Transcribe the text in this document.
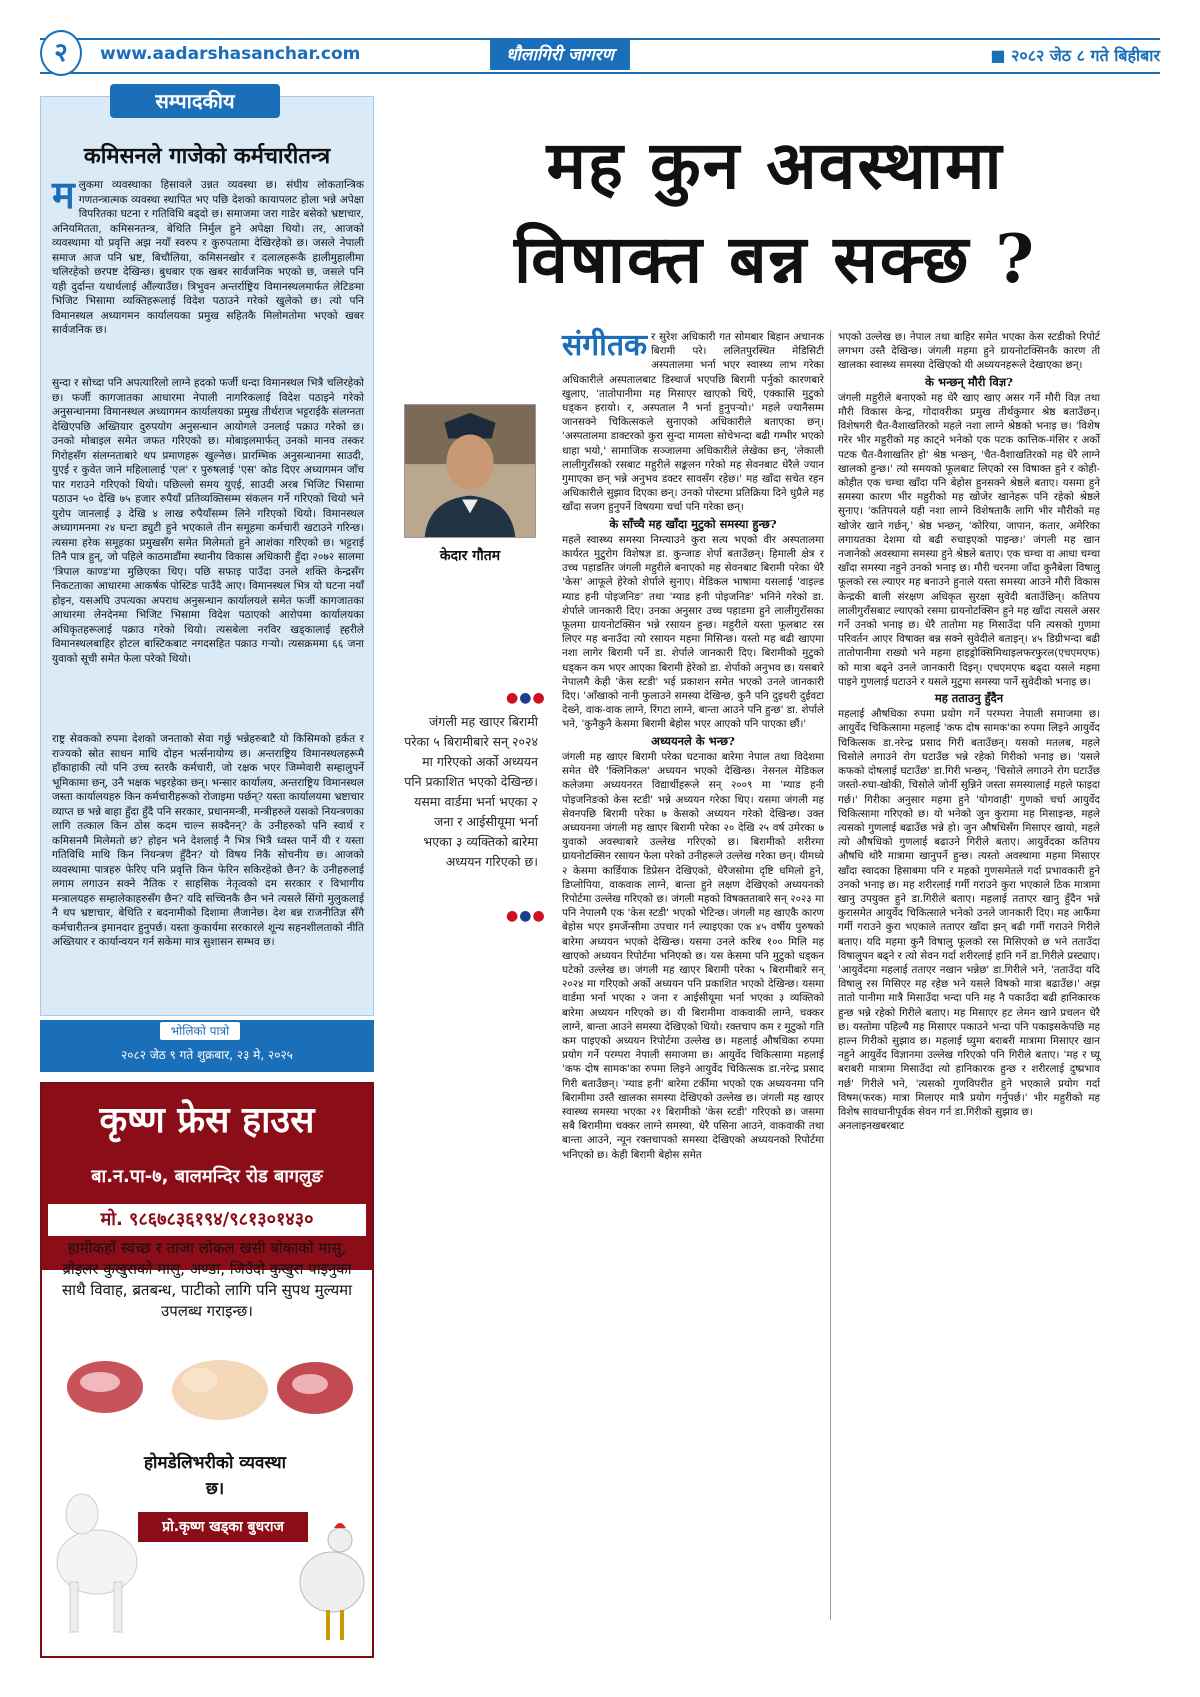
२	www.aadarshasanchar.com	धौलागिरी जागरण	■ २०८२ जेठ ८ गते बिहीबार
सम्पादकीय
कमिसनले गाजेको कर्मचारीतन्त्र
मलुकमा व्यवस्थाका हिसावले उन्नत व्यवस्था छ। संघीय लोकतान्त्रिक गणतन्त्रात्मक व्यवस्था स्थापित भए पछि देशको कायापलट होला भन्ने अपेक्षा विपरितका घटना र गतिविधि बढ्दो छ। समाजमा जरा गाडेर बसेको भ्रष्टाचार, अनियमितता, कमिसनतन्त्र, बेथिति निर्मुल हुने अपेक्षा थियो। तर, आजको व्यवस्थामा यो प्रवृत्ति अझ नयाँ स्वरुप र कुरुपतामा देखिरहेको छ। जसले नेपाली समाज आज पनि भ्रष्ट, बिचौलिया, कमिसनखोर र दलालहरूकै हालीमुहालीमा चलिरहेको छरपष्ट देखिन्छ। बुधबार एक खबर सार्वजनिक भएको छ, जसले पनि यही दुर्दान्त यथार्थलाई औंल्याउँछ। त्रिभुवन अन्तर्राष्ट्रिय विमानस्थलमार्फत लेटिङमा भिजिट भिसामा व्यक्तिहरूलाई विदेश पठाउने गरेको खुलेको छ। त्यो पनि विमानस्थल अध्यागमन कार्यालयका प्रमुख सहितकै मिलोमतोमा भएको खबर सार्वजनिक छ।
सुन्दा र सोच्दा पनि अपत्यारिलो लाग्ने हदको फर्जी धन्दा विमानस्थल भित्रै चलिरहेको छ। फर्जी कागजातका आधारमा नेपाली नागरिकलाई विदेश पठाइने गरेको अनुसन्धानमा विमानस्थल अध्यागमन कार्यालयका प्रमुख तीर्थराज भट्टराईकै संलग्नता देखिएपछि अख्तियार दुरुपयोग अनुसन्धान आयोगले उनलाई पक्राउ गरेको छ। उनको मोबाइल समेत जफत गरिएको छ। मोबाइलमार्फत् उनको मानव तस्कर गिरोहसँग संलग्नताबारे थप प्रमाणहरू खुल्नेछ। प्रारम्भिक अनुसन्धानमा साउदी, युएई र कुवेत जाने महिलालाई 'एल' र पुरुषलाई 'एस' कोड दिएर अध्यागमन जाँच पार गराउने गरिएको थियो। पछिल्लो समय युएई, साउदी अरब भिजिट भिसामा पठाउन ५० देखि ७५ हजार रुपैयाँ प्रतिव्यक्तिसम्म संकलन गर्ने गरिएको थियो भने युरोप जानलाई ३ देखि ४ लाख रुपैयाँसम्म लिने गरिएको थियो। विमानस्थल अध्यागमनमा २४ घन्टा ड्युटी हुने भएकाले तीन समूहमा कर्मचारी खटाउने गरिन्छ। त्यसमा हरेक समूहका प्रमुखसँग समेत मिलेमतो हुने आशंका गरिएको छ। भट्टराई तिनै पात्र हुन्, जो पहिले काठमाडौंमा स्थानीय विकास अधिकारी हुँदा २०७२ सालमा 'त्रिपाल काण्ड'मा मुछिएका थिए। पछि सफाइ पाउँदा उनले शक्ति केन्द्रसँग निकटताका आधारमा आकर्षक पोस्टिङ पाउँदै आए। विमानस्थल भित्र यो घटना नयाँ होइन, यसअघि उपत्यका अपराध अनुसन्धान कार्यालयले समेत फर्जी कागजातका आधारमा लेनदेनमा भिजिट भिसामा विदेश पठाएको आरोपमा कार्यालयका अधिकृतहरूलाई पक्राउ गरेको थियो। त्यसबेला नरविर खड्कालाई ह्हरीले विमानस्थलबाहिर होटल बास्टिकबाट नगदसहित पक्राउ गऱ्यो। त्यसक्रममा ६६ जना युवाको सूची समेत फेला परेको थियो।
राष्ट्र सेवकको रुपमा देशको जनताको सेवा गर्छु भन्नेहरुबाटै यो किसिमको हर्कत र राज्यको स्रोत साधन माथि दोहन भर्त्सनायोग्य छ। अन्तराष्ट्रिय विमानस्थलहरूमै हाँकाहाकी त्यो पनि उच्च स्तरकै कर्मचारी, जो रक्षक भएर जिम्मेवारी सम्हालुपर्ने भूमिकामा छन्, उनै भक्षक भइरहेका छन्। भन्सार कार्यालय, अन्तराष्ट्रिय विमानस्थल जस्ता कार्यालयहरु किन कर्मचारीहरूको रोजाइमा पर्छन्? यस्ता कार्यालयमा भ्रष्टाचार व्याप्त छ भन्ने बाहा हुँदा हुँदै पनि सरकार, प्रधानमन्त्री, मन्त्रीहरुले यसको नियन्त्रणका लागि तत्काल किन ठोस कदम चाल्न सक्दैनन्? के उनीहरुको पनि स्वार्थ र कमिसनमै मिलेमतो छ? होइन भने देशलाई नै भित्र भित्रै ध्वस्त पार्ने यी र यस्ता गतिविधि माथि किन नियन्त्रण हुँदैन? यो विषय निकै सोचनीय छ। आजको व्यवस्थामा पात्रहरु फेरिए पनि प्रवृत्ति किन फेरिन सकिरहेको छैन? के उनीहरुलाई लगाम लगाउन सक्ने नैतिक र साहसिक नेतृत्वको दम सरकार र विभागीय मन्त्रालयहरु सम्हालेकाहरुसँग छैन? यदि सच्चिनकै छैन भने त्यसले सिंगो मुलुकलाई नै थप भ्रष्टाचार, बेथिति र बदनामीको दिशामा लैजानेछ। देश बन्न राजनीतिज्ञ सँगै कर्मचारीतन्त्र इमानदार हुनुपर्छ। यस्ता कुकार्यमा सरकारले शून्य सहनशीलताको नीति अख्तियार र कार्यान्वयन गर्न सकेमा मात्र सुशासन सम्भव छ।
भोलिको पात्रो
२०८२ जेठ ९ गते शुक्रबार, २३ मे, २०२५
कृष्ण फ्रेस हाउस
बा.न.पा-७, बालमन्दिर रोड बागलुङ
मो. ९८६७८३६१९४/९८१३०१४३०
हामीकहाँ स्वच्छ र ताजा लोकल खसी बोकाको मासु, ब्रोइलर कुखुराको मासु, अण्डा, जिउँदो कुखुरा पाइनुका साथै विवाह, ब्रतबन्ध, पाटीको लागि पनि सुपथ मुल्यमा उपलब्ध गराइन्छ।
होमडेलिभरीको व्यवस्था छ।
प्रो.कृष्ण खड्का बुधराज
मह कुन अवस्थामा
विषाक्त बन्न सक्छ ?
केदार गौतम
●●●
जंगली मह खाएर बिरामी परेका ५ बिरामीबारे सन् २०२४ मा गरिएको अर्को अध्ययन पनि प्रकाशित भएको देखिन्छ। यसमा वार्डमा भर्ना भएका २ जना र आईसीयूमा भर्ना भएका ३ व्यक्तिको बारेमा अध्ययन गरिएको छ।
●●●
संगीतक र सुरेश अधिकारी गत सोमबार बिहान अचानक बिरामी परे। ललितपुरस्थित मेडिसिटी अस्पतालमा भर्ना भएर स्वास्थ्य लाभ गरेका अधिकारीले अस्पतालबाट डिस्चार्ज भएपछि बिरामी पर्नुको कारणबारे खुलाए, 'तातोपानीमा मह मिसाएर खाएको थिएँ, एक्कासि मुटुको धड्कन हरायो। र, अस्पताल नै भर्ना हुनुपऱ्यो।' महले ज्यानैसम्म जानसक्ने चिकित्सकले सुनाएको अधिकारीले बताएका छन्। 'अस्पतालमा डाक्टरको कुरा सुन्दा मामला सोचेभन्दा बढी गम्भीर भएको थाहा भयो,' सामाजिक सञ्जालमा अधिकारीले लेखेका छन्, 'लेकाली लालीगुराँसको रसबाट महुरीले सङ्कलन गरेको मह सेवनबाट धेरैले ज्यान गुमाएका छन् भन्ने अनुभव डक्टर सावसँग रहेछ।' मह खाँदा सचेत रहन अधिकारीले सुझाव दिएका छन्। उनको पोस्टमा प्रतिक्रिया दिने धुप्रैले मह खाँदा सजग हुनुपर्ने विषयमा चर्चा पनि गरेका छन्।
के साँच्चै मह खाँदा मुटुको समस्या हुन्छ?
महले स्वास्थ्य समस्या निम्त्याउने कुरा सत्य भएको वीर अस्पतालमा कार्यरत मुटुरोग विशेषज्ञ डा. कुन्जाङ शेर्पा बताउँछन्। हिमाली क्षेत्र र उच्च पहाडतिर जंगली महुरीले बनाएको मह सेवनबाट बिरामी परेका धेरै 'केस' आफूले हेरेको शेर्पाले सुनाए। मेडिकल भाषामा यसलाई 'वाइल्ड म्याड हनी पोइजनिङ' तथा 'म्याड हनी पोइजनिङ' भनिने गरेको डा. शेर्पाले जानकारी दिए। उनका अनुसार उच्च पहाडमा हुने लालीगुराँसका फूलमा ग्रायनोटक्सिन भन्ने रसायन हुन्छ। महुरीले यस्ता फूलबाट रस लिएर मह बनाउँदा त्यो रसायन महमा मिसिन्छ। यस्तो मह बढी खाएमा नशा लागेर बिरामी पर्ने डा. शेर्पाले जानकारी दिए। बिरामीको मुटुको धड्कन कम भएर आएका बिरामी हेरेको डा. शेर्पाको अनुभव छ। यसबारे नेपालमै केही 'केस स्टडी' भई प्रकाशन समेत भएको उनले जानकारी दिए। 'आँखाको नानी फुलाउने समस्या देखिन्छ, कुनै पनि दुइथरी दुईवटा देख्ने, वाक-वाक लाग्ने, रिंगटा लाग्ने, बान्ता आउने पनि हुन्छ' डा. शेर्पाले भने, 'कुनैकुनै केसमा बिरामी बेहोस भएर आएको पनि पाएका छौं।'
अध्ययनले के भन्छ?
जंगली मह खाएर बिरामी परेका घटनाका बारेमा नेपाल तथा विदेशमा समेत धेरै 'क्लिनिकल' अध्ययन भएको देखिन्छ। नेसनल मेडिकल कलेजमा अध्ययनरत विद्यार्थीहरूले सन् २००९ मा 'म्याड हनी पोइजनिङको केस स्टडी' भन्ने अध्ययन गरेका थिए। यसमा जंगली मह सेवनपछि बिरामी परेका ७ केसको अध्ययन गरेको देखिन्छ। उक्त अध्ययनमा जंगली मह खाएर बिरामी परेका २० देखि २५ वर्ष उमेरका ७ युवाको अवस्थाबारे उल्लेख गरिएको छ। बिरामीको शरीरमा ग्रायनोटक्सिन रसायन फेला परेको उनीहरूले उल्लेख गरेका छन्। यीमध्ये २ केसमा कार्डियाक डिप्रेसन देखिएको, धेरैजसोमा दृष्टि धमिलो हुने, डिप्लोपिया, वाकवाक लाग्ने, बान्ता हुने लक्षण देखिएको अध्ययनको रिपोर्टमा उल्लेख गरिएको छ। जंगली महको विषक्तताबारे सन् २०२३ मा पनि नेपालमै एक 'केस स्टडी' भएको भेटिन्छ। जंगली मह खाएकै कारण बेहोस भएर इमर्जेन्सीमा उपचार गर्न ल्याइएका एक ४५ वर्षीय पुरुषको बारेमा अध्ययन भएको देखिन्छ। यसमा उनले करिब १०० मिलि मह खाएको अध्ययन रिपोर्टमा भनिएको छ। यस केसमा पनि मुटुको धड्कन घटेको उल्लेख छ। जंगली मह खाएर बिरामी परेका ५ बिरामीबारे सन् २०२४ मा गरिएको अर्को अध्ययन पनि प्रकाशित भएको देखिन्छ। यसमा वार्डमा भर्ना भएका २ जना र आईसीयूमा भर्ना भएका ३ व्यक्तिको बारेमा अध्ययन गरिएको छ। यी बिरामीमा वाकवाकी लाग्ने, चक्कर लाग्ने, बान्ता आउने समस्या देखिएको थियो। रक्तचाप कम र मुटुको गति कम पाइएको अध्ययन रिपोर्टमा उल्लेख छ। महलाई औषधिका रुपमा प्रयोग गर्ने परम्परा नेपाली समाजमा छ। आयुर्वेद चिकित्सामा महलाई 'कफ दोष सामक'का रुपमा लिइने आयुर्वेद चिकित्सक डा.नरेन्द्र प्रसाद गिरी बताउँछन्। 'म्याड हनी' बारेमा टर्कीमा भएको एक अध्ययनमा पनि बिरामीमा उस्तै खालका समस्या देखिएको उल्लेख छ। जंगली मह खाएर स्वास्थ्य समस्या भएका २१ बिरामीको 'केस स्टडी' गरिएको छ। जसमा सबै बिरामीमा चक्कर लाग्ने समस्या, धेरै पसिना आउने, वाकवाकी तथा बान्ता आउने, न्यून रक्तचापको समस्या देखिएको अध्ययनको रिपोर्टमा भनिएको छ। केही बिरामी बेहोस समेत
भएको उल्लेख छ। नेपाल तथा बाहिर समेत भएका केस स्टडीको रिपोर्ट लगभग उस्तै देखिन्छ। जंगली महमा हुने ग्रायनोटक्सिनकै कारण ती खालका स्वास्थ्य समस्या देखिएको यी अध्ययनहरूले देखाएका छन्।
के भन्छन् मौरी विज्ञ?
जंगली महुरीले बनाएको मह धेरै खाए खाए असर गर्ने मौरी विज्ञ तथा मौरी विकास केन्द्र, गोदावरीका प्रमुख तीर्थकुमार श्रेष्ठ बताउँछन्। विशेषगरी चैत-वैशाखतिरको महले नशा लाग्ने श्रेष्ठको भनाइ छ। 'विशेष गरेर भीर महुरीको मह काट्ने भनेको एक पटक कात्तिक-मंसिर र अर्को पटक चैत-वैशाखतिर हो' श्रेष्ठ भन्छन्, 'चैत-वैशाखतिरको मह धेरै लाग्ने खालको हुन्छ।' त्यो समयको फूलबाट लिएको रस विषाक्त हुने र कोही-कोहीत एक चम्चा खाँदा पनि बेहोस हुनसक्ने श्रेष्ठले बताए। यसमा हुने समस्या कारण भीर महुरीको मह खोजेर खानेहरू पनि रहेको श्रेष्ठले सुनाए। 'कतिपयले यही नशा लाग्ने विशेषताकै लागि भीर मौरीको मह खोजेर खाने गर्छन्,' श्रेष्ठ भन्छन्, 'कोरिया, जापान, कतार, अमेरिका लगायतका देशमा यो बढी रुचाइएको पाइन्छ।' जंगली मह खान नजानेको अवस्थामा समस्या हुने श्रेष्ठले बताए। एक चम्चा वा आधा चम्चा खाँदा समस्या नहुने उनको भनाइ छ। मौरी चरनमा जाँदा कुनैबेला विषालु फूलको रस ल्याएर मह बनाउने हुनाले यस्ता समस्या आउने मौरी विकास केन्द्रकी बाली संरक्षण अधिकृत सुरक्षा सुवेदी बताउँछिन्। कतिपय लालीगुराँसबाट ल्याएको रसमा ग्रायनोटक्सिन हुने मह खाँदा त्यसले असर गर्ने उनको भनाइ छ। धेरै तातोमा मह मिसाउँदा पनि त्यसको गुणमा परिवर्तन आएर विषाक्त बन्न सक्ने सुवेदीले बताइन्। ४५ डिग्रीभन्दा बढी तातोपानीमा राख्यो भने महमा हाइड्रोक्सिमिथाइलफरफुरल(एचएमएफ) को मात्रा बढ्ने उनले जानकारी दिइन्। एचएमएफ बढ्दा यसले महमा पाइने गुणलाई घटाउने र यसले मुटुमा समस्या पार्ने सुवेदीको भनाइ छ।
मह तताउनु हुँदैन
महलाई औषधिका रुपमा प्रयोग गर्ने परम्परा नेपाली समाजमा छ। आयुर्वेद चिकित्सामा महलाई 'कफ दोष सामक'का रुपमा लिइने आयुर्वेद चिकित्सक डा.नरेन्द्र प्रसाद गिरी बताउँछन्। यसको मतलब, महले चिसोले लगाउने रोग घटाउँछ भन्ने रहेको गिरीको भनाइ छ। 'यसले कफको दोषलाई घटाउँछ' डा.गिरी भन्छन्, 'चिसोले लगाउने रोग घटाउँछ जस्तो-रुघा-खोकी, चिसोले जोर्नी सुन्निने जस्ता समस्यालाई महले फाइदा गर्छ।' गिरीका अनुसार महमा हुने 'योगवाही' गुणको चर्चा आयुर्वेद चिकित्सामा गरिएको छ। यो भनेको जुन कुरामा मह मिसाइन्छ, महले त्यसको गुणलाई बढाउँछ भन्ने हो। जुन औषधिसँग मिसाएर खायो, महले त्यो औषधिको गुणलाई बढाउने गिरीले बताए। आयुर्वेदका कतिपय औषधि थोरै मात्रामा खानुपर्ने हुन्छ। त्यस्तो अवस्थामा महमा मिसाएर खाँदा स्वादका हिसाबमा पनि र महको गुणसमेतले गर्दा प्रभावकारी हुने उनको भनाइ छ। मह शरीरलाई गर्मी गराउने कुरा भएकाले ठिक मात्रामा खानु उपयुक्त हुने डा.गिरीले बताए। महलाई तताएर खानु हुँदैन भन्ने कुरासमेत आयुर्वेद चिकित्साले भनेको उनले जानकारी दिए। मह आफैंमा गर्मी गराउने कुरा भएकाले तताएर खाँदा झन् बढी गर्मी गराउने गिरीले बताए। यदि महमा कुनै विषालु फूलको रस मिसिएको छ भने तताउँदा विषालुपन बढ्ने र त्यो सेवन गर्दा शरीरलाई हानि गर्ने डा.गिरीले प्रस्ट्याए। 'आयुर्वेदमा महलाई तताएर नखान भन्नेछ' डा.गिरीले भने, 'तताउँदा यदि विषालु रस मिसिएर मह रहेछ भने यसले विषको मात्रा बढाउँछ।' अझ तातो पानीमा मात्रै मिसाउँदा भन्दा पनि मह नै पकाउँदा बढी हानिकारक हुन्छ भन्ने रहेको गिरीले बताए। मह मिसाएर हट लेमन खाने प्रचलन धेरै छ। यस्तोमा पहिल्यै मह मिसाएर पकाउने भन्दा पनि पकाइसकेपछि मह हाल्न गिरीको सुझाव छ। महलाई घ्युमा बराबरी मात्रामा मिसाएर खान नहुने आयुर्वेद विज्ञानमा उल्लेख गरिएको पनि गिरीले बताए। 'मह र घ्यू बराबरी मात्रामा मिसाउँदा त्यो हानिकारक हुन्छ र शरीरलाई दुष्प्रभाव गर्छ' गिरीले भने, 'त्यसको गुणविपरीत हुने भएकाले प्रयोग गर्दा विषम(फरक) मात्रा मिलाएर मात्रै प्रयोग गर्नुपर्छ।' भीर महुरीको मह विशेष सावधानीपूर्वक सेवन गर्न डा.गिरीको सुझाव छ।
अनलाइनखबरबाट
